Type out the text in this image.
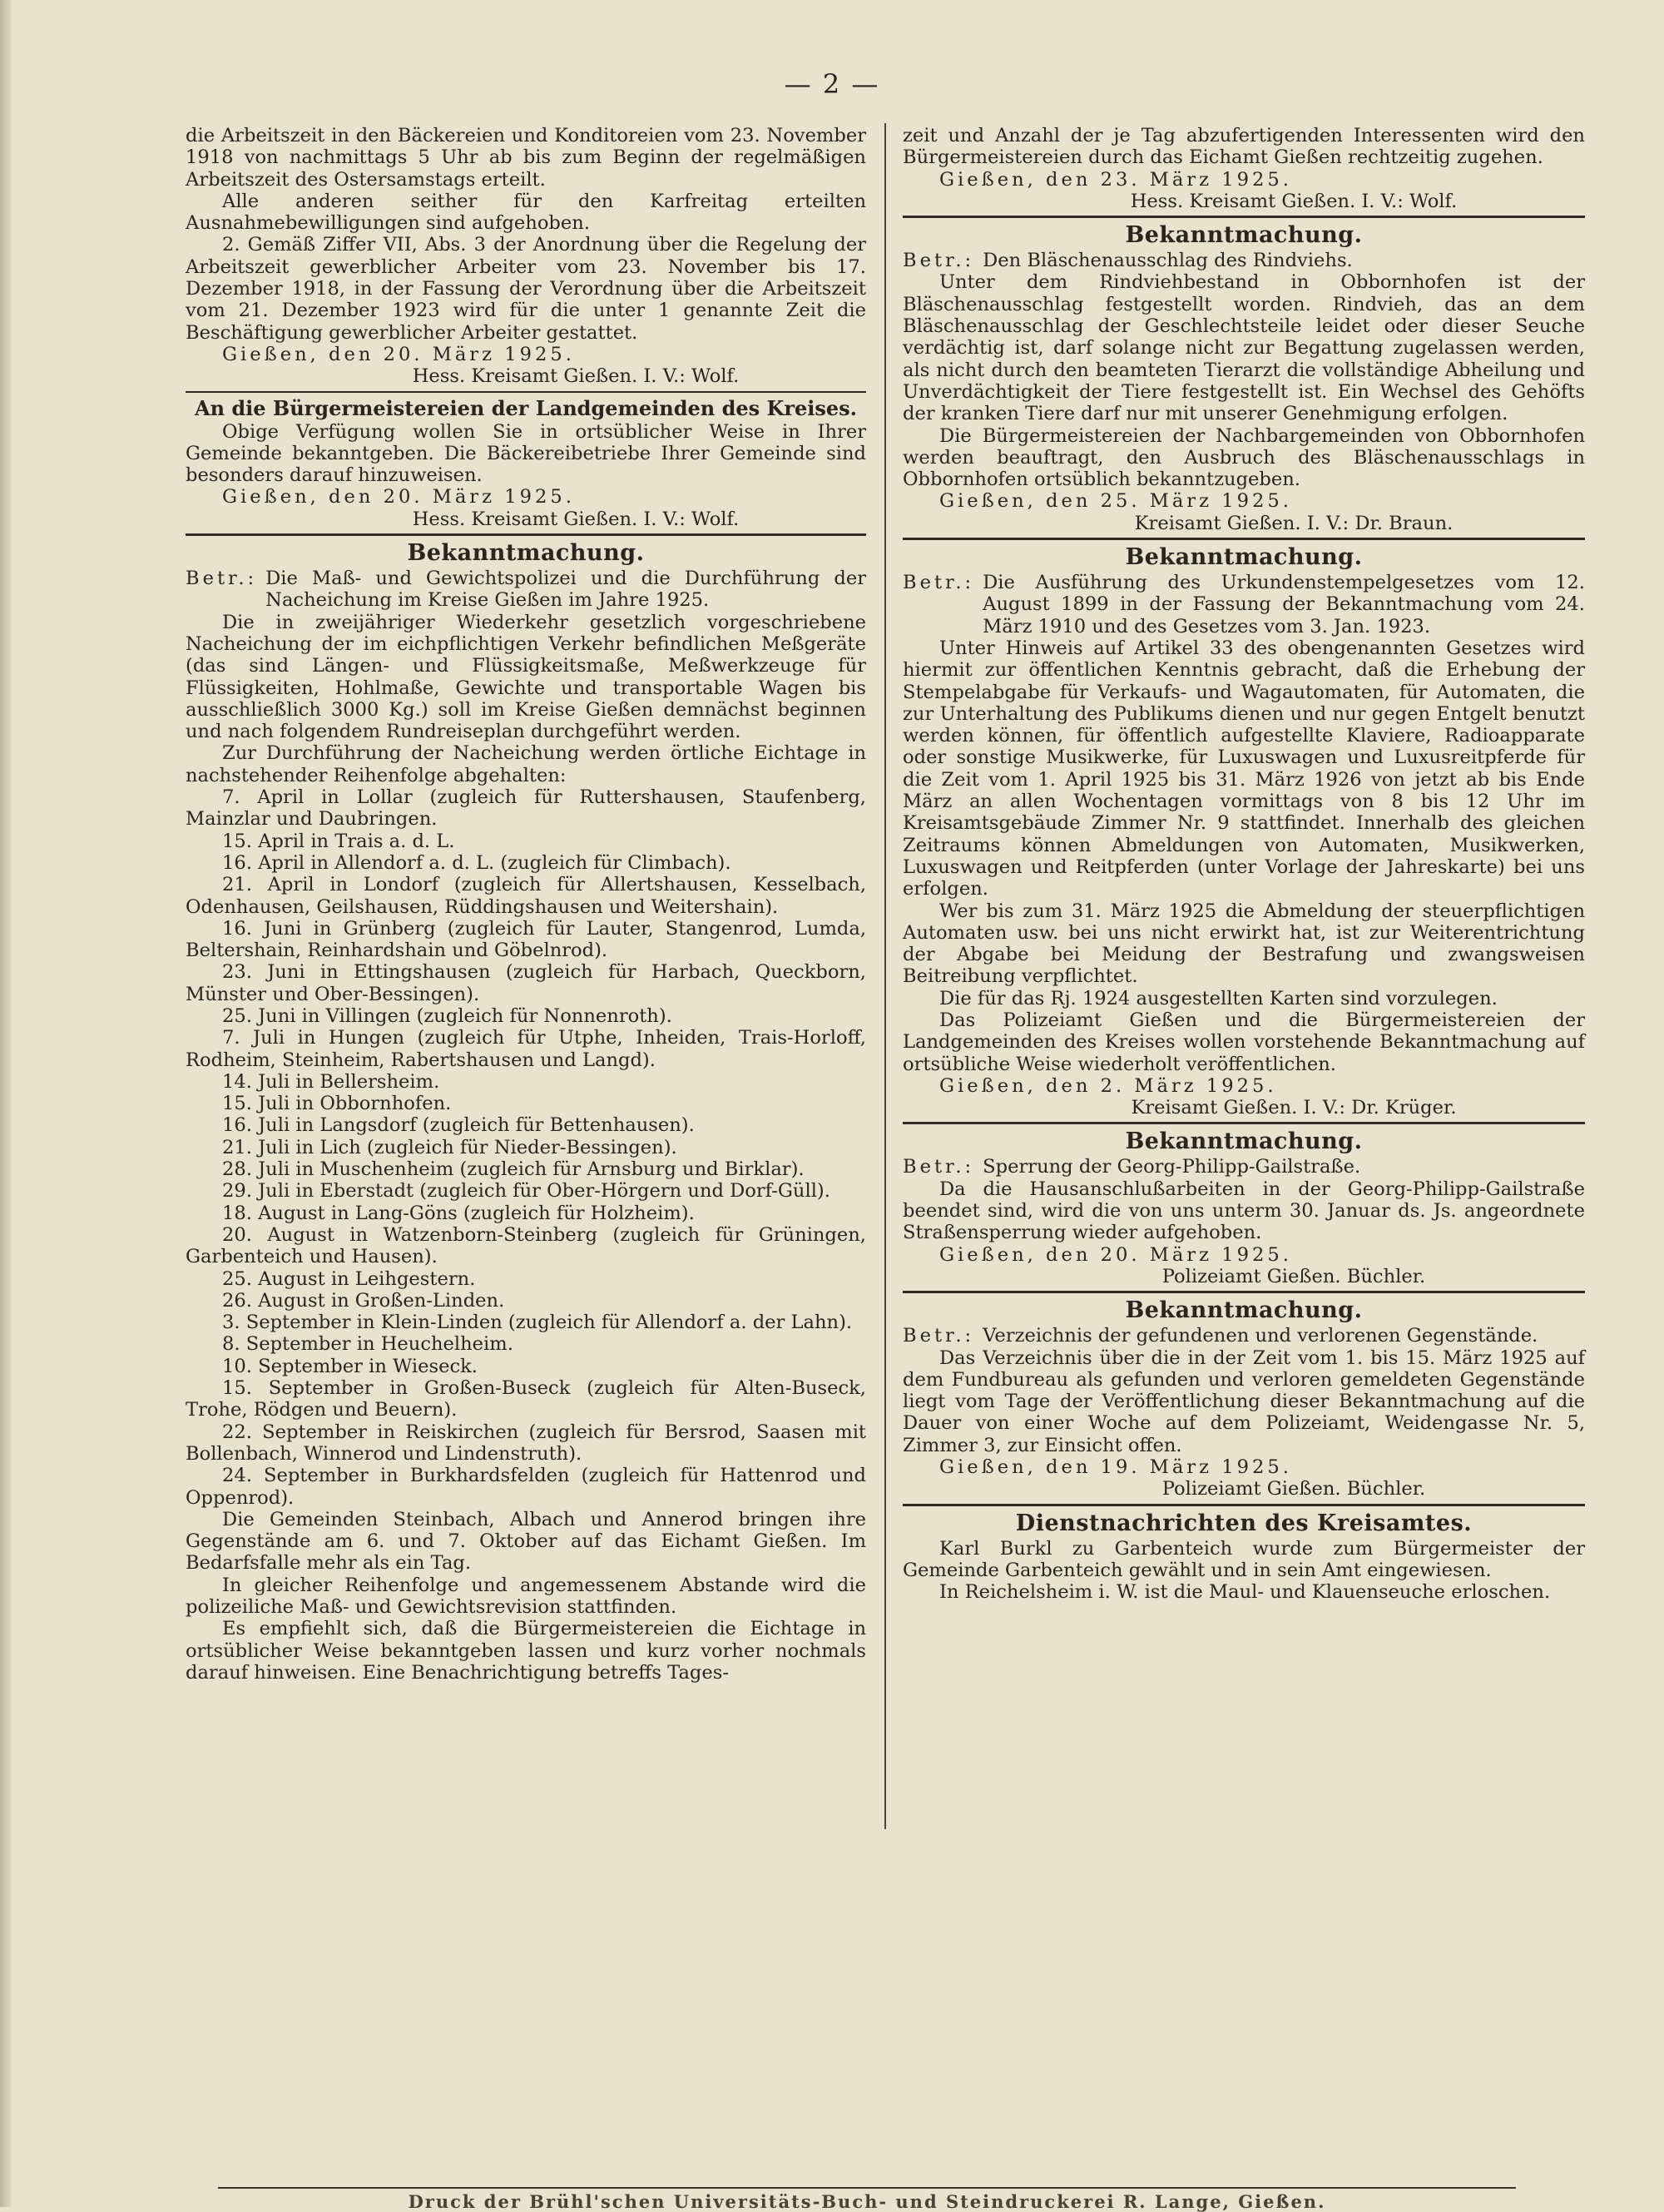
— 2 —

die Arbeitszeit in den Bäckereien und Konditoreien vom 23. November 1918 von nachmittags 5 Uhr ab bis zum Beginn der regelmäßigen Arbeitszeit des Ostersamstags erteilt.

Alle anderen seither für den Karfreitag erteilten Ausnahmebewilligungen sind aufgehoben.

2. Gemäß Ziffer VII, Abs. 3 der Anordnung über die Regelung der Arbeitszeit gewerblicher Arbeiter vom 23. November bis 17. Dezember 1918, in der Fassung der Verordnung über die Arbeitszeit vom 21. Dezember 1923 wird für die unter 1 genannte Zeit die Beschäftigung gewerblicher Arbeiter gestattet.

Gießen, den 20. März 1925.

Hess. Kreisamt Gießen. I. V.: Wolf.

An die Bürgermeistereien der Landgemeinden des Kreises.

Obige Verfügung wollen Sie in ortsüblicher Weise in Ihrer Gemeinde bekanntgeben. Die Bäckereibetriebe Ihrer Gemeinde sind besonders darauf hinzuweisen.

Gießen, den 20. März 1925.

Hess. Kreisamt Gießen. I. V.: Wolf.

Bekanntmachung.

Betr.: Die Maß- und Gewichtspolizei und die Durchführung der Nacheichung im Kreise Gießen im Jahre 1925.

Die in zweijähriger Wiederkehr gesetzlich vorgeschriebene Nacheichung der im eichpflichtigen Verkehr befindlichen Meßgeräte (das sind Längen- und Flüssigkeitsmaße, Meßwerkzeuge für Flüssigkeiten, Hohlmaße, Gewichte und transportable Wagen bis ausschließlich 3000 Kg.) soll im Kreise Gießen demnächst beginnen und nach folgendem Rundreiseplan durchgeführt werden.

Zur Durchführung der Nacheichung werden örtliche Eichtage in nachstehender Reihenfolge abgehalten:

7. April in Lollar (zugleich für Ruttershausen, Staufenberg, Mainzlar und Daubringen.

15. April in Trais a. d. L.

16. April in Allendorf a. d. L. (zugleich für Climbach).

21. April in Londorf (zugleich für Allertshausen, Kesselbach, Odenhausen, Geilshausen, Rüddingshausen und Weitershain).

16. Juni in Grünberg (zugleich für Lauter, Stangenrod, Lumda, Beltershain, Reinhardshain und Göbelnrod).

23. Juni in Ettingshausen (zugleich für Harbach, Queckborn, Münster und Ober-Bessingen).

25. Juni in Villingen (zugleich für Nonnenroth).

7. Juli in Hungen (zugleich für Utphe, Inheiden, Trais-Horloff, Rodheim, Steinheim, Rabertshausen und Langd).

14. Juli in Bellersheim.

15. Juli in Obbornhofen.

16. Juli in Langsdorf (zugleich für Bettenhausen).

21. Juli in Lich (zugleich für Nieder-Bessingen).

28. Juli in Muschenheim (zugleich für Arnsburg und Birklar).

29. Juli in Eberstadt (zugleich für Ober-Hörgern und Dorf-Güll).

18. August in Lang-Göns (zugleich für Holzheim).

20. August in Watzenborn-Steinberg (zugleich für Grüningen, Garbenteich und Hausen).

25. August in Leihgestern.

26. August in Großen-Linden.

3. September in Klein-Linden (zugleich für Allendorf a. der Lahn).

8. September in Heuchelheim.

10. September in Wieseck.

15. September in Großen-Buseck (zugleich für Alten-Buseck, Trohe, Rödgen und Beuern).

22. September in Reiskirchen (zugleich für Bersrod, Saasen mit Bollenbach, Winnerod und Lindenstruth).

24. September in Burkhardsfelden (zugleich für Hattenrod und Oppenrod).

Die Gemeinden Steinbach, Albach und Annerod bringen ihre Gegenstände am 6. und 7. Oktober auf das Eichamt Gießen. Im Bedarfsfalle mehr als ein Tag.

In gleicher Reihenfolge und angemessenem Abstande wird die polizeiliche Maß- und Gewichtsrevision stattfinden.

Es empfiehlt sich, daß die Bürgermeistereien die Eichtage in ortsüblicher Weise bekanntgeben lassen und kurz vorher nochmals darauf hinweisen. Eine Benachrichtigung betreffs Tages-

zeit und Anzahl der je Tag abzufertigenden Interessenten wird den Bürgermeistereien durch das Eichamt Gießen rechtzeitig zugehen.

Gießen, den 23. März 1925.

Hess. Kreisamt Gießen. I. V.: Wolf.

Bekanntmachung.

Betr.: Den Bläschenausschlag des Rindviehs.

Unter dem Rindviehbestand in Obbornhofen ist der Bläschenausschlag festgestellt worden. Rindvieh, das an dem Bläschenausschlag der Geschlechtsteile leidet oder dieser Seuche verdächtig ist, darf solange nicht zur Begattung zugelassen werden, als nicht durch den beamteten Tierarzt die vollständige Abheilung und Unverdächtigkeit der Tiere festgestellt ist. Ein Wechsel des Gehöfts der kranken Tiere darf nur mit unserer Genehmigung erfolgen.

Die Bürgermeistereien der Nachbargemeinden von Obbornhofen werden beauftragt, den Ausbruch des Bläschenausschlags in Obbornhofen ortsüblich bekanntzugeben.

Gießen, den 25. März 1925.

Kreisamt Gießen. I. V.: Dr. Braun.

Bekanntmachung.

Betr.: Die Ausführung des Urkundenstempelgesetzes vom 12. August 1899 in der Fassung der Bekanntmachung vom 24. März 1910 und des Gesetzes vom 3. Jan. 1923.

Unter Hinweis auf Artikel 33 des obengenannten Gesetzes wird hiermit zur öffentlichen Kenntnis gebracht, daß die Erhebung der Stempelabgabe für Verkaufs- und Wagautomaten, für Automaten, die zur Unterhaltung des Publikums dienen und nur gegen Entgelt benutzt werden können, für öffentlich aufgestellte Klaviere, Radioapparate oder sonstige Musikwerke, für Luxuswagen und Luxusreitpferde für die Zeit vom 1. April 1925 bis 31. März 1926 von jetzt ab bis Ende März an allen Wochentagen vormittags von 8 bis 12 Uhr im Kreisamtsgebäude Zimmer Nr. 9 stattfindet. Innerhalb des gleichen Zeitraums können Abmeldungen von Automaten, Musikwerken, Luxuswagen und Reitpferden (unter Vorlage der Jahreskarte) bei uns erfolgen.

Wer bis zum 31. März 1925 die Abmeldung der steuerpflichtigen Automaten usw. bei uns nicht erwirkt hat, ist zur Weiterentrichtung der Abgabe bei Meidung der Bestrafung und zwangsweisen Beitreibung verpflichtet.

Die für das Rj. 1924 ausgestellten Karten sind vorzulegen.

Das Polizeiamt Gießen und die Bürgermeistereien der Landgemeinden des Kreises wollen vorstehende Bekanntmachung auf ortsübliche Weise wiederholt veröffentlichen.

Gießen, den 2. März 1925.

Kreisamt Gießen. I. V.: Dr. Krüger.

Bekanntmachung.

Betr.: Sperrung der Georg-Philipp-Gailstraße.

Da die Hausanschlußarbeiten in der Georg-Philipp-Gailstraße beendet sind, wird die von uns unterm 30. Januar ds. Js. angeordnete Straßensperrung wieder aufgehoben.

Gießen, den 20. März 1925.

Polizeiamt Gießen. Büchler.

Bekanntmachung.

Betr.: Verzeichnis der gefundenen und verlorenen Gegenstände.

Das Verzeichnis über die in der Zeit vom 1. bis 15. März 1925 auf dem Fundbureau als gefunden und verloren gemeldeten Gegenstände liegt vom Tage der Veröffentlichung dieser Bekanntmachung auf die Dauer von einer Woche auf dem Polizeiamt, Weidengasse Nr. 5, Zimmer 3, zur Einsicht offen.

Gießen, den 19. März 1925.

Polizeiamt Gießen. Büchler.

Dienstnachrichten des Kreisamtes.

Karl Burkl zu Garbenteich wurde zum Bürgermeister der Gemeinde Garbenteich gewählt und in sein Amt eingewiesen.

In Reichelsheim i. W. ist die Maul- und Klauenseuche erloschen.

Druck der Brühl'schen Universitäts-Buch- und Steindruckerei R. Lange, Gießen.
